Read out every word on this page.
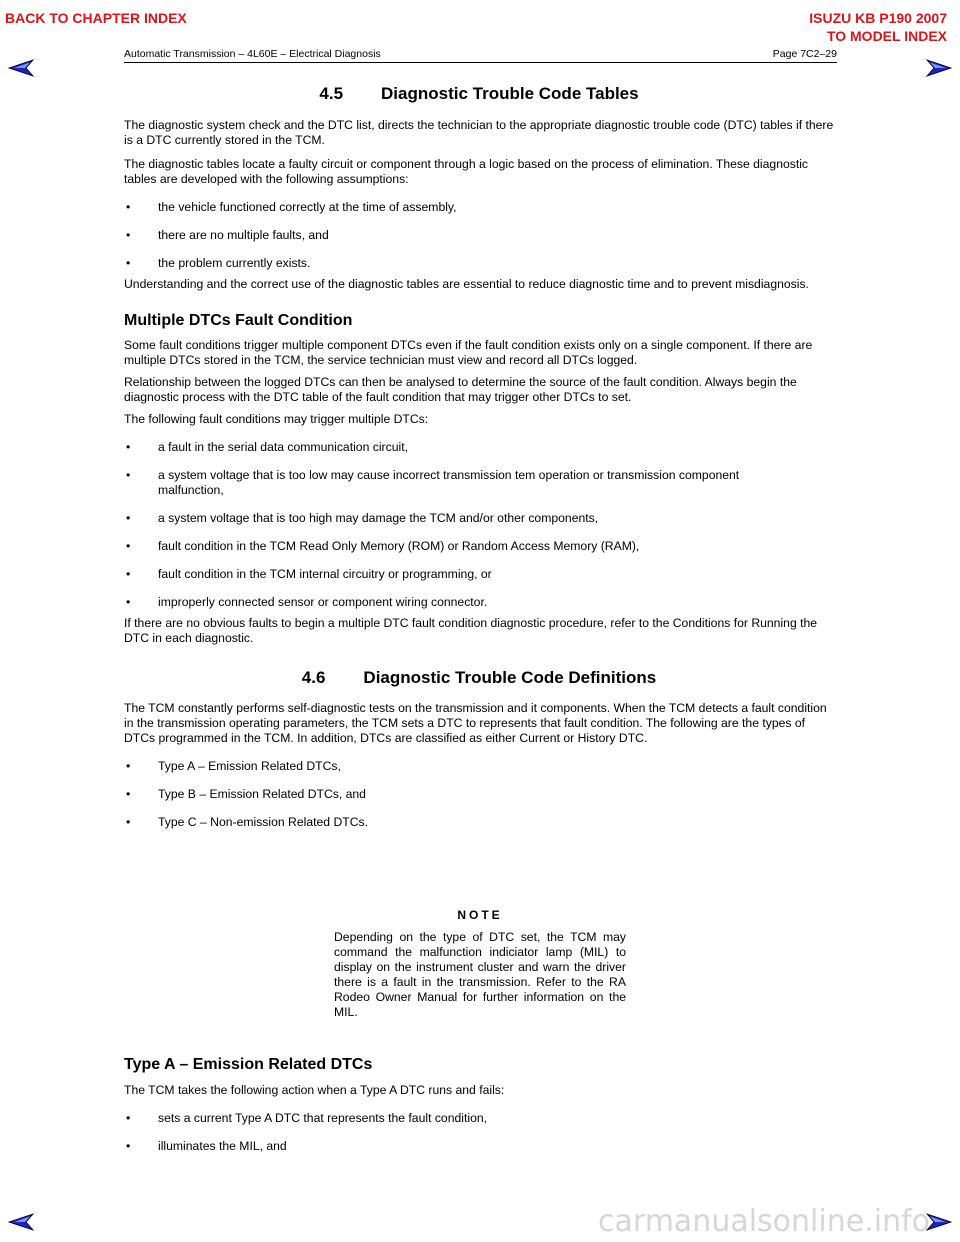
BACK TO CHAPTER INDEX	ISUZU KB P190 2007
TO MODEL INDEX
Automatic Transmission – 4L60E – Electrical Diagnosis	Page 7C2–29
4.5 Diagnostic Trouble Code Tables

The diagnostic system check and the DTC list, directs the technician to the appropriate diagnostic trouble code (DTC) tables if there is a DTC currently stored in the TCM.

The diagnostic tables locate a faulty circuit or component through a logic based on the process of elimination. These diagnostic tables are developed with the following assumptions:

• the vehicle functioned correctly at the time of assembly,
• there are no multiple faults, and
• the problem currently exists.

Understanding and the correct use of the diagnostic tables are essential to reduce diagnostic time and to prevent misdiagnosis.

Multiple DTCs Fault Condition

Some fault conditions trigger multiple component DTCs even if the fault condition exists only on a single component. If there are multiple DTCs stored in the TCM, the service technician must view and record all DTCs logged.

Relationship between the logged DTCs can then be analysed to determine the source of the fault condition. Always begin the diagnostic process with the DTC table of the fault condition that may trigger other DTCs to set.

The following fault conditions may trigger multiple DTCs:

• a fault in the serial data communication circuit,
• a system voltage that is too low may cause incorrect transmission tem operation or transmission component malfunction,
• a system voltage that is too high may damage the TCM and/or other components,
• fault condition in the TCM Read Only Memory (ROM) or Random Access Memory (RAM),
• fault condition in the TCM internal circuitry or programming, or
• improperly connected sensor or component wiring connector.

If there are no obvious faults to begin a multiple DTC fault condition diagnostic procedure, refer to the Conditions for Running the DTC in each diagnostic.

4.6 Diagnostic Trouble Code Definitions

The TCM constantly performs self-diagnostic tests on the transmission and it components. When the TCM detects a fault condition in the transmission operating parameters, the TCM sets a DTC to represents that fault condition. The following are the types of DTCs programmed in the TCM. In addition, DTCs are classified as either Current or History DTC.

• Type A – Emission Related DTCs,
• Type B – Emission Related DTCs, and
• Type C – Non-emission Related DTCs.
NOTE

Depending on the type of DTC set, the TCM may command the malfunction indiciator lamp (MIL) to display on the instrument cluster and warn the driver there is a fault in the transmission. Refer to the RA Rodeo Owner Manual for further information on the MIL.

Type A – Emission Related DTCs

The TCM takes the following action when a Type A DTC runs and fails:

• sets a current Type A DTC that represents the fault condition,
• illuminates the MIL, and
carmanualsonline.info
